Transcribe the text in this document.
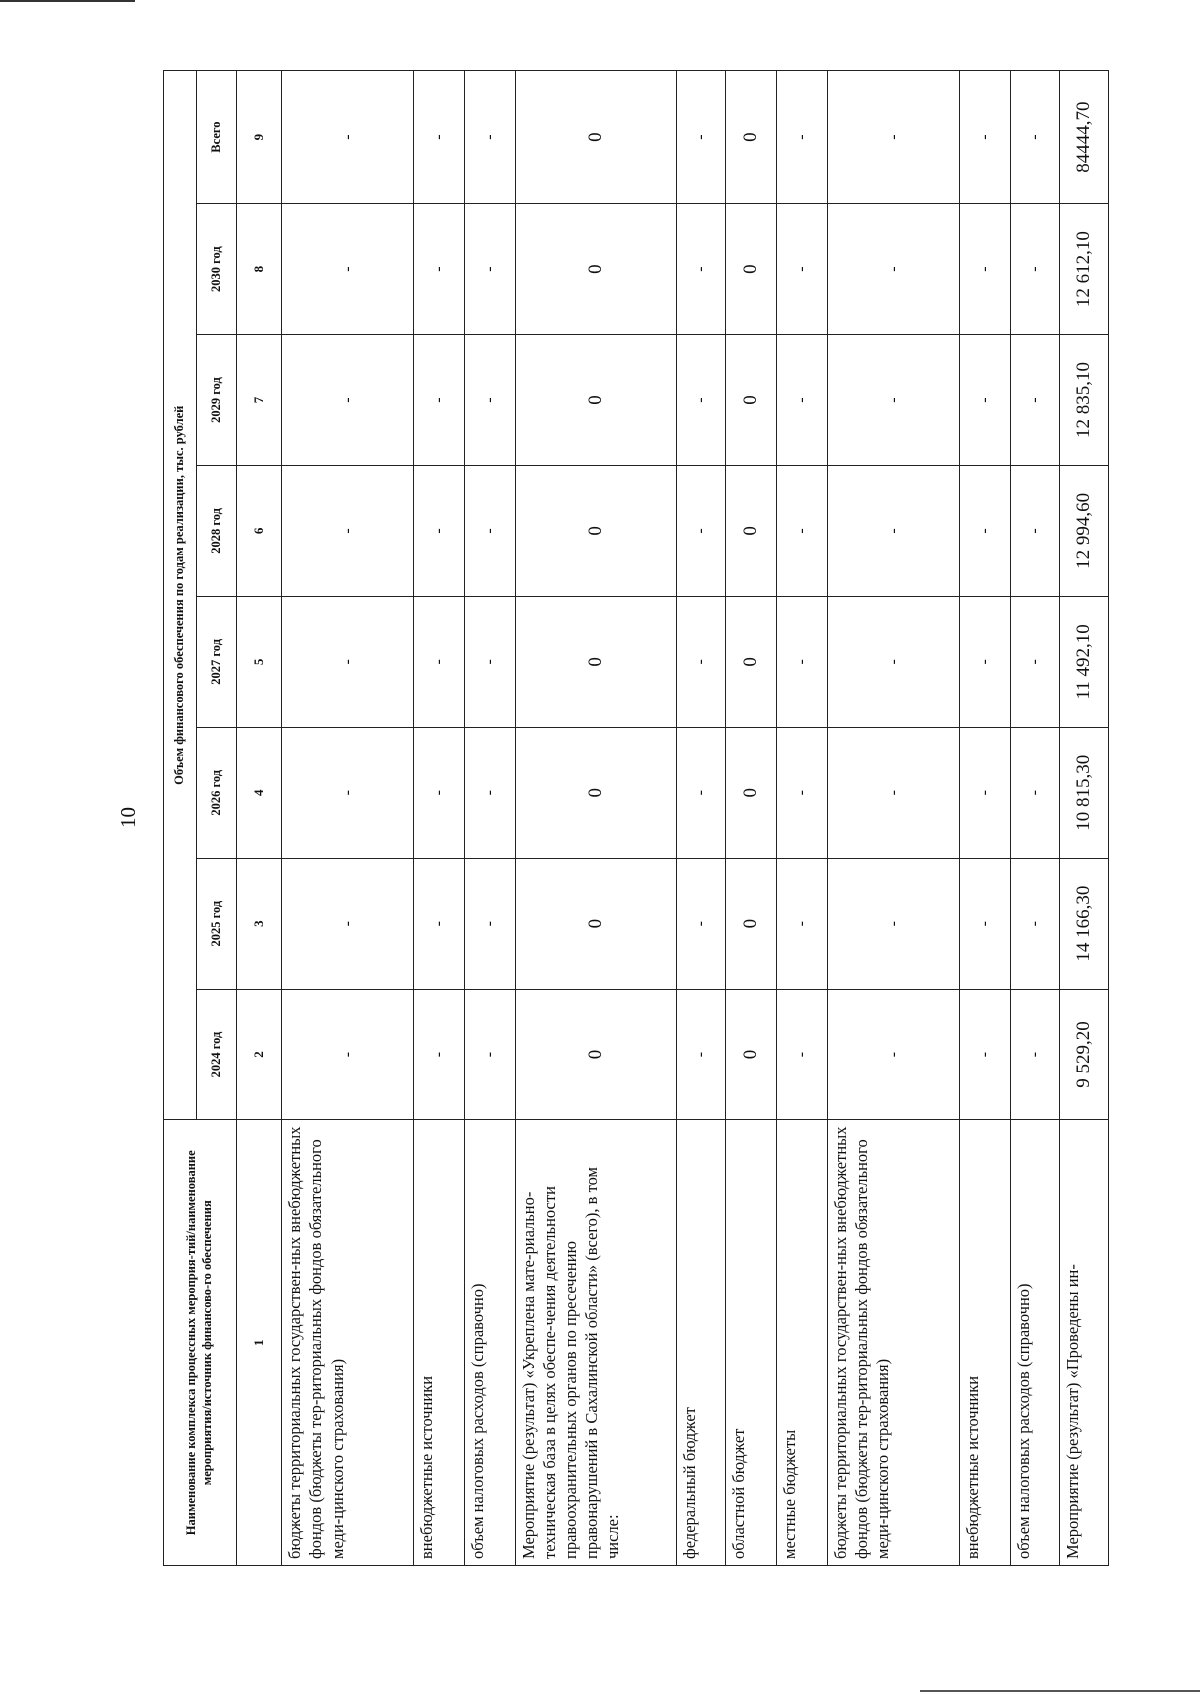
10
Наименование комплекса процессных мероприя-тий/наименование мероприятия/источник финансово-го обеспечения	Объем финансового обеспечения по годам реализации, тыс. рублей							
	2024 год	2025 год	2026 год	2027 год	2028 год	2029 год	2030 год	Всего
1	2	3	4	5	6	7	8	9
бюджеты территориальных государствен-ных внебюджетных фондов (бюджеты тер-риториальных фондов обязательного меди-цинского страхования)	-	-	-	-	-	-	-	-
внебюджетные источники	-	-	-	-	-	-	-	-
объем налоговых расходов (справочно)	-	-	-	-	-	-	-	-
Мероприятие (результат) «Укреплена мате-риально-техническая база в целях обеспе-чения деятельности правоохранительных органов по пресечению правонарушений в Сахалинской области» (всего), в том числе:	0	0	0	0	0	0	0	0
федеральный бюджет	-	-	-	-	-	-	-	-
областной бюджет	0	0	0	0	0	0	0	0
местные бюджеты	-	-	-	-	-	-	-	-
бюджеты территориальных государствен-ных внебюджетных фондов (бюджеты тер-риториальных фондов обязательного меди-цинского страхования)	-	-	-	-	-	-	-	-
внебюджетные источники	-	-	-	-	-	-	-	-
объем налоговых расходов (справочно)	-	-	-	-	-	-	-	-
Мероприятие (результат) «Проведены ин-	9 529,20	14 166,30	10 815,30	11 492,10	12 994,60	12 835,10	12 612,10	84444,70
